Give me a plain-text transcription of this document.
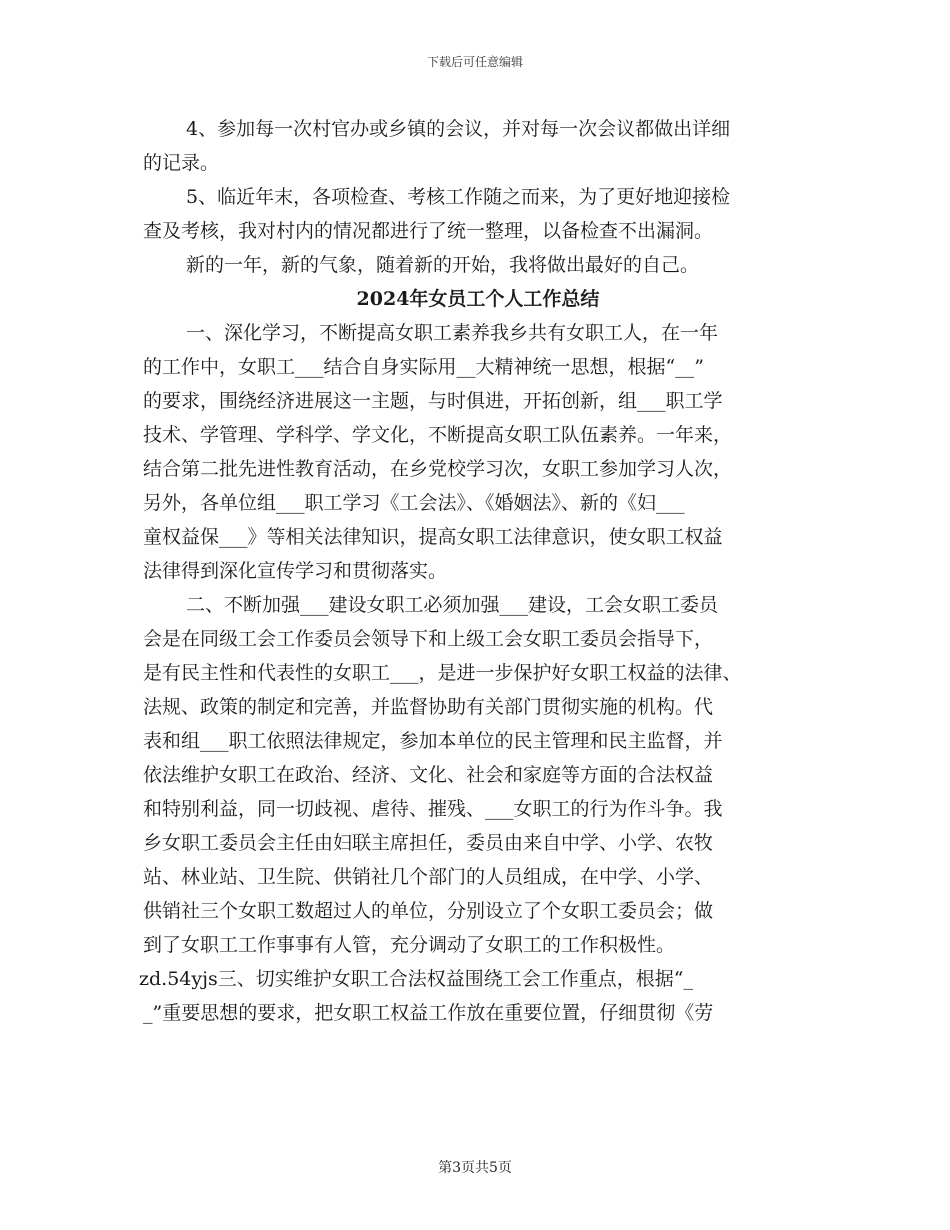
下载后可任意编辑
4、参加每一次村官办或乡镇的会议，并对每一次会议都做出详细
的记录。
5、临近年末，各项检查、考核工作随之而来，为了更好地迎接检
查及考核，我对村内的情况都进行了统一整理，以备检查不出漏洞。
新的一年，新的气象，随着新的开始，我将做出最好的自己。
2024年女员工个人工作总结
一、深化学习，不断提高女职工素养我乡共有女职工人，在一年
的工作中，女职工___结合自身实际用__大精神统一思想，根据“__”
的要求，围绕经济进展这一主题，与时俱进，开拓创新，组___职工学
技术、学管理、学科学、学文化，不断提高女职工队伍素养。一年来，
结合第二批先进性教育活动，在乡党校学习次，女职工参加学习人次，
另外，各单位组___职工学习《工会法》、《婚姻法》、新的《妇___
童权益保___》等相关法律知识，提高女职工法律意识，使女职工权益
法律得到深化宣传学习和贯彻落实。
二、不断加强___建设女职工必须加强___建设，工会女职工委员
会是在同级工会工作委员会领导下和上级工会女职工委员会指导下，
是有民主性和代表性的女职工___，是进一步保护好女职工权益的法律、
法规、政策的制定和完善，并监督协助有关部门贯彻实施的机构。代
表和组___职工依照法律规定，参加本单位的民主管理和民主监督，并
依法维护女职工在政治、经济、文化、社会和家庭等方面的合法权益
和特别利益，同一切歧视、虐待、摧残、___女职工的行为作斗争。我
乡女职工委员会主任由妇联主席担任，委员由来自中学、小学、农牧
站、林业站、卫生院、供销社几个部门的人员组成，在中学、小学、
供销社三个女职工数超过人的单位，分别设立了个女职工委员会；做
到了女职工工作事事有人管，充分调动了女职工的工作积极性。
zd.54yjs三、切实维护女职工合法权益围绕工会工作重点，根据“_
_”重要思想的要求，把女职工权益工作放在重要位置，仔细贯彻《劳
第3页共5页
